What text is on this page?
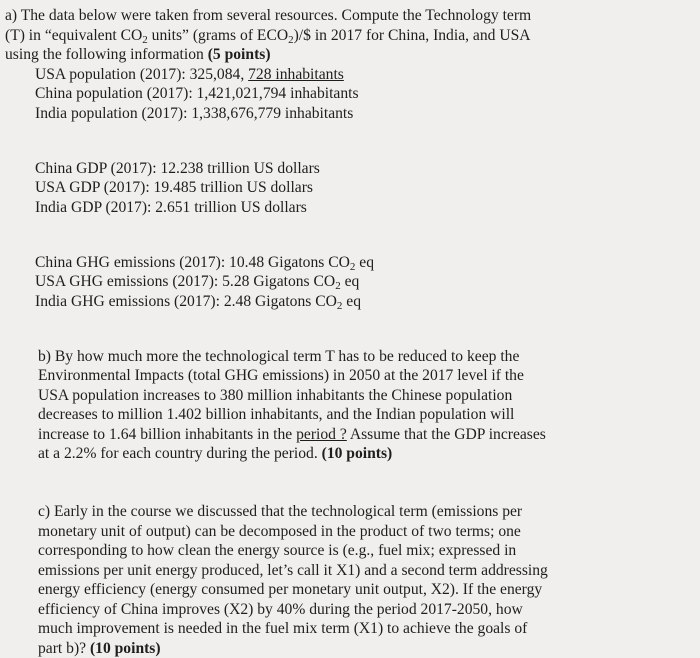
a) The data below were taken from several resources. Compute the Technology term
(T) in “equivalent $CO_2$ units” (grams of $ECO_2)/\$$ in 2017 for China, India, and USA
using the following information (5 points)
USA population (2017): 325,084, 728 inhabitants
China population (2017): 1,421,021,794 inhabitants
India population (2017): 1,338,676,779 inhabitants
China GDP (2017): 12.238 trillion US dollars
USA GDP (2017): 19.485 trillion US dollars
India GDP (2017): 2.651 trillion US dollars
China GHG emissions (2017): 10.48 Gigatons $CO_2$ eq
USA GHG emissions (2017): 5.28 Gigatons $CO_2$ eq
India GHG emissions (2017): 2.48 Gigatons $CO_2$ eq
b) By how much more the technological term T has to be reduced to keep the
Environmental Impacts (total GHG emissions) in 2050 at the 2017 level if the
USA population increases to 380 million inhabitants the Chinese population
decreases to million 1.402 billion inhabitants, and the Indian population will
increase to 1.64 billion inhabitants in the period ? Assume that the GDP increases
at a 2.2% for each country during the period. (10 points)
c) Early in the course we discussed that the technological term (emissions per
monetary unit of output) can be decomposed in the product of two terms; one
corresponding to how clean the energy source is (e.g., fuel mix; expressed in
emissions per unit energy produced, let’s call it X1) and a second term addressing
energy efficiency (energy consumed per monetary unit output, X2). If the energy
efficiency of China improves (X2) by 40% during the period 2017-2050, how
much improvement is needed in the fuel mix term (X1) to achieve the goals of
part b)? (10 points)
